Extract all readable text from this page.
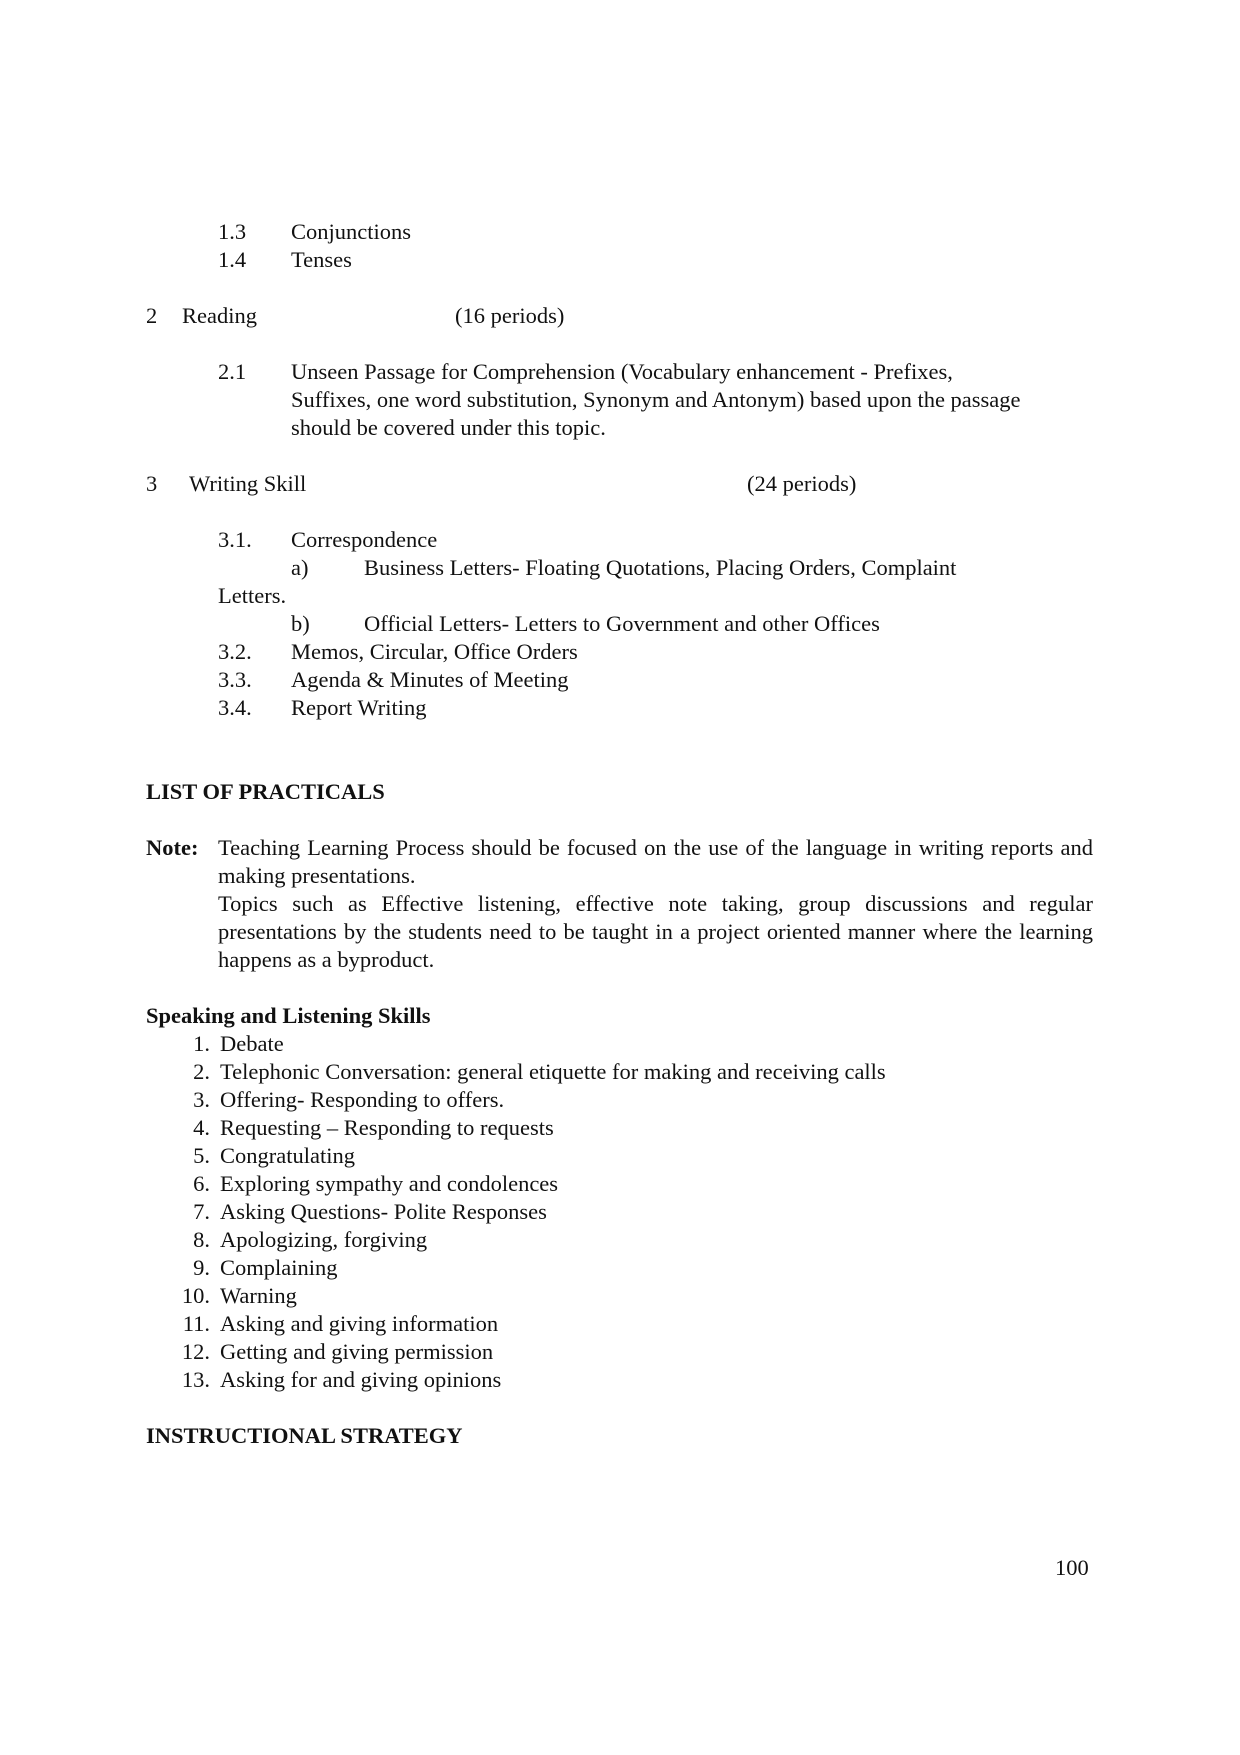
1.3 Conjunctions
1.4 Tenses
2 Reading	(16 periods)
2.1 Unseen Passage for Comprehension (Vocabulary enhancement - Prefixes,
Suffixes, one word substitution, Synonym and Antonym) based upon the passage
should be covered under this topic.
3 Writing Skill	(24 periods)
3.1. Correspondence
a) Business Letters- Floating Quotations, Placing Orders, Complaint
Letters.
b) Official Letters- Letters to Government and other Offices
3.2. Memos, Circular, Office Orders
3.3. Agenda & Minutes of Meeting
3.4. Report Writing
LIST OF PRACTICALS
Note: Teaching Learning Process should be focused on the use of the language in writing reports and making presentations.
Topics such as Effective listening, effective note taking, group discussions and regular presentations by the students need to be taught in a project oriented manner where the learning happens as a byproduct.
Speaking and Listening Skills
1. Debate
2. Telephonic Conversation: general etiquette for making and receiving calls
3. Offering- Responding to offers.
4. Requesting – Responding to requests
5. Congratulating
6. Exploring sympathy and condolences
7. Asking Questions- Polite Responses
8. Apologizing, forgiving
9. Complaining
10. Warning
11. Asking and giving information
12. Getting and giving permission
13. Asking for and giving opinions
INSTRUCTIONAL STRATEGY
100
